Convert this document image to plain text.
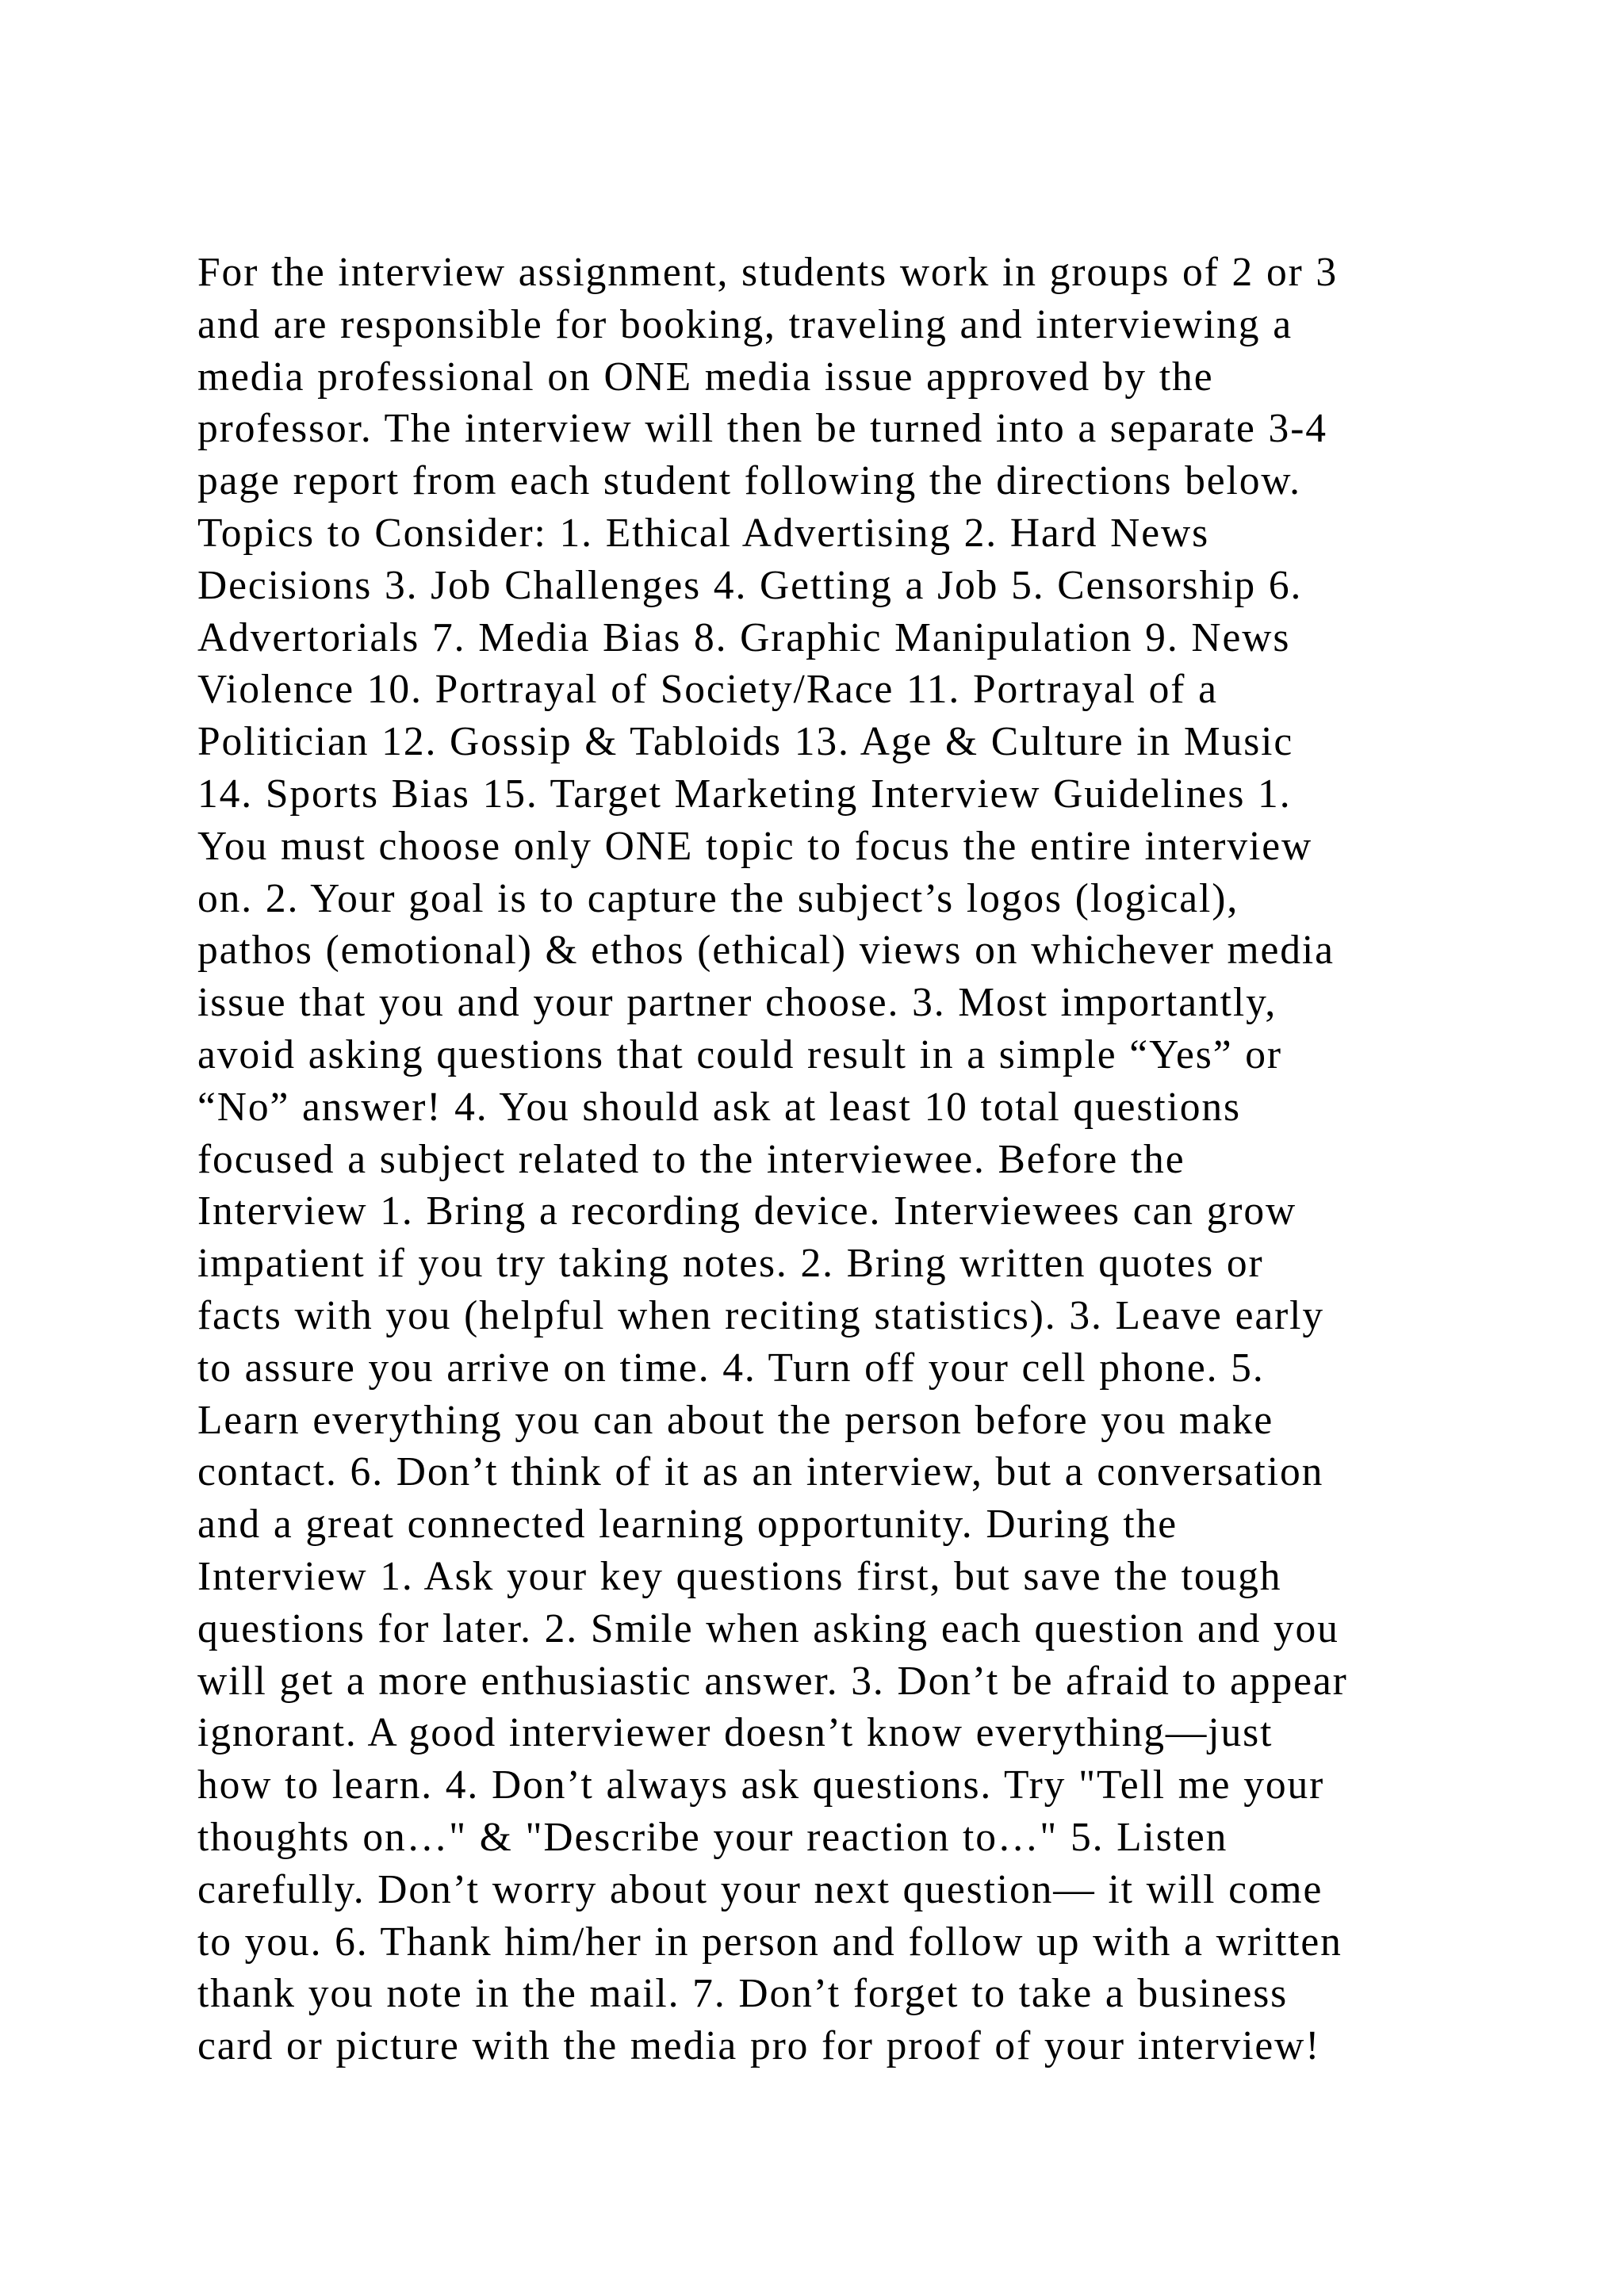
For the interview assignment, students work in groups of 2 or 3
and are responsible for booking, traveling and interviewing a
media professional on ONE media issue approved by the
professor. The interview will then be turned into a separate 3-4
page report from each student following the directions below.
Topics to Consider: 1. Ethical Advertising 2. Hard News
Decisions 3. Job Challenges 4. Getting a Job 5. Censorship 6.
Advertorials 7. Media Bias 8. Graphic Manipulation 9. News
Violence 10. Portrayal of Society/Race 11. Portrayal of a
Politician 12. Gossip & Tabloids 13. Age & Culture in Music
14. Sports Bias 15. Target Marketing Interview Guidelines 1.
You must choose only ONE topic to focus the entire interview
on. 2. Your goal is to capture the subject’s logos (logical),
pathos (emotional) & ethos (ethical) views on whichever media
issue that you and your partner choose. 3. Most importantly,
avoid asking questions that could result in a simple “Yes” or
“No” answer! 4. You should ask at least 10 total questions
focused a subject related to the interviewee. Before the
Interview 1. Bring a recording device. Interviewees can grow
impatient if you try taking notes. 2. Bring written quotes or
facts with you (helpful when reciting statistics). 3. Leave early
to assure you arrive on time. 4. Turn off your cell phone. 5.
Learn everything you can about the person before you make
contact. 6. Don’t think of it as an interview, but a conversation
and a great connected learning opportunity. During the
Interview 1. Ask your key questions first, but save the tough
questions for later. 2. Smile when asking each question and you
will get a more enthusiastic answer. 3. Don’t be afraid to appear
ignorant. A good interviewer doesn’t know everything—just
how to learn. 4. Don’t always ask questions. Try "Tell me your
thoughts on…" & "Describe your reaction to…" 5. Listen
carefully. Don’t worry about your next question— it will come
to you. 6. Thank him/her in person and follow up with a written
thank you note in the mail. 7. Don’t forget to take a business
card or picture with the media pro for proof of your interview!
